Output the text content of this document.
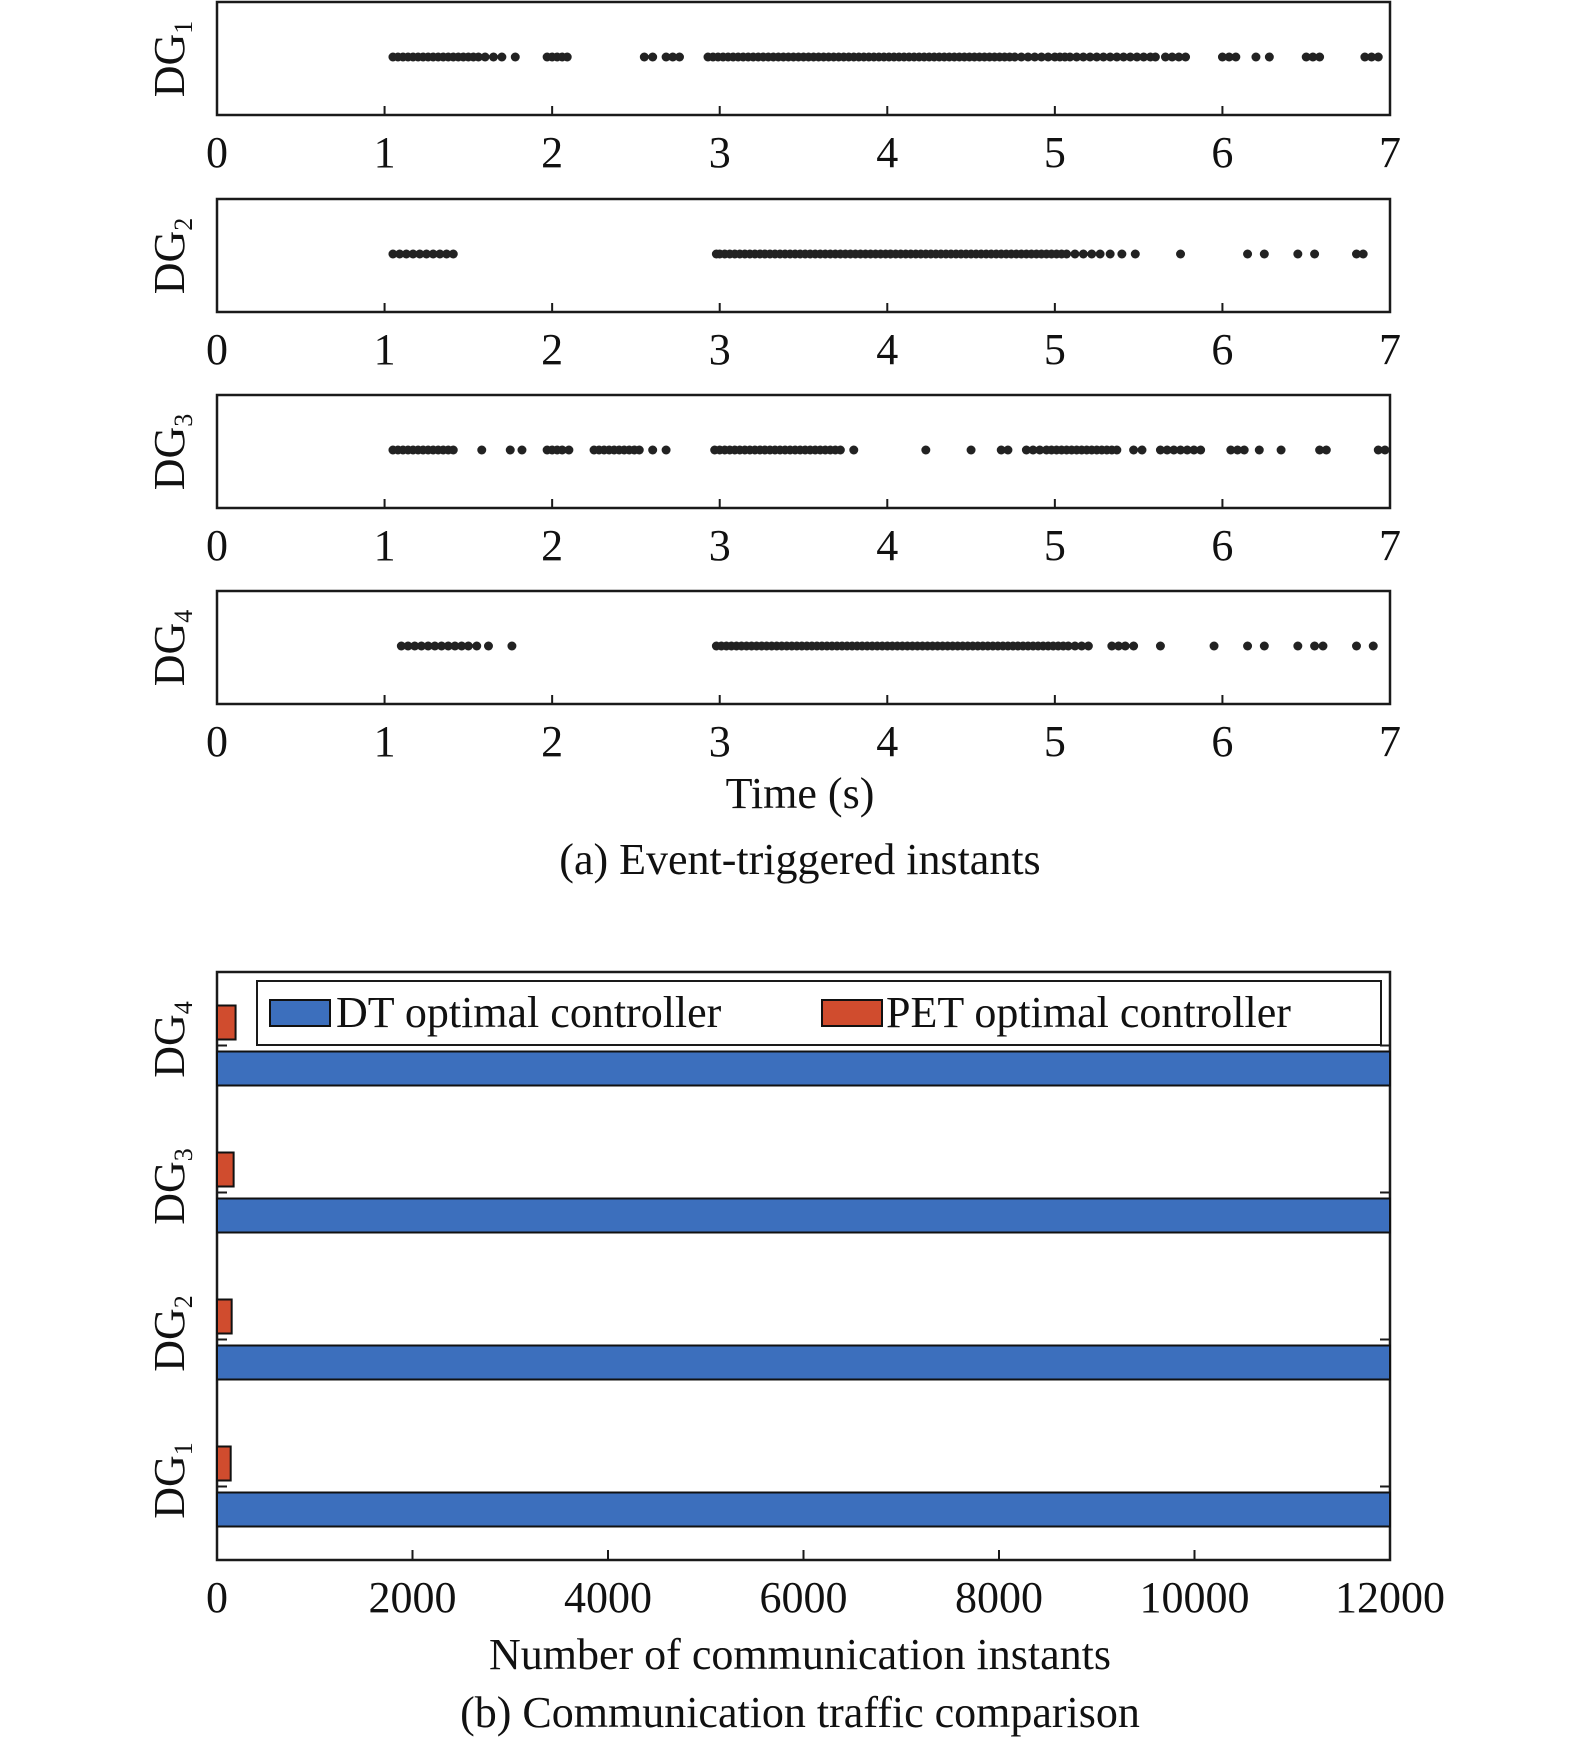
0	1	2	3	4	5	6	7
DG1
0	1	2	3	4	5	6	7
DG2
0	1	2	3	4	5	6	7
DG3
0	1	2	3	4	5	6	7
DG4
Time (s)
(a) Event-triggered instants
DG1
DG2
DG3
DG4
0	2000 4000 6000 8000 10000 12000
DT optimal controller	PET optimal controller
Number of communication instants
(b) Communication traffic comparison
